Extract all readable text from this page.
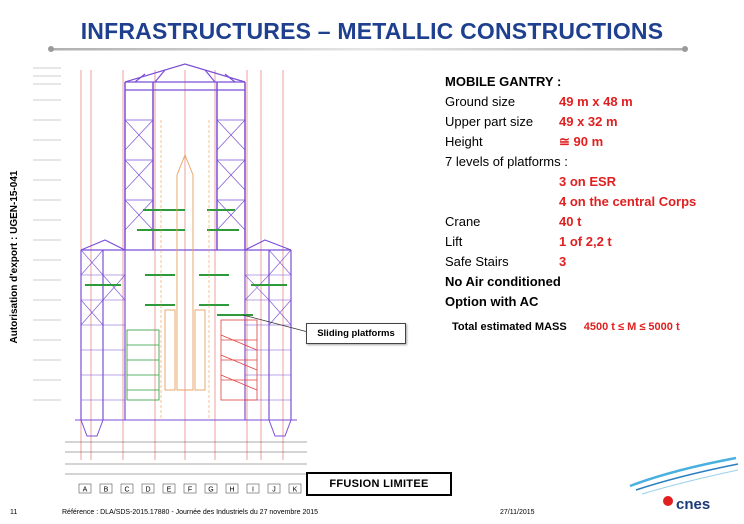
INFRASTRUCTURES – METALLIC CONSTRUCTIONS
Autorisation d'export : UGEN-15-041
A B C D E F G H I	J K
Sliding platforms
MOBILE GANTRY :
Ground size	49 m x 48 m
Upper part size 49 x 32 m
Height	≅ 90 m
7 levels of platforms :
3 on ESR
4 on the central Corps
Crane	40 t
Lift	1 of 2,2 t
Safe Stairs	3
No Air conditioned
Option with AC
Total estimated MASS 4500 t ≤ M ≤ 5000 t
FFUSION LIMITEE
11	Référence : DLA/SDS-2015.17880 - Journée des Industriels du 27 novembre 2015	27/11/2015	cnes
